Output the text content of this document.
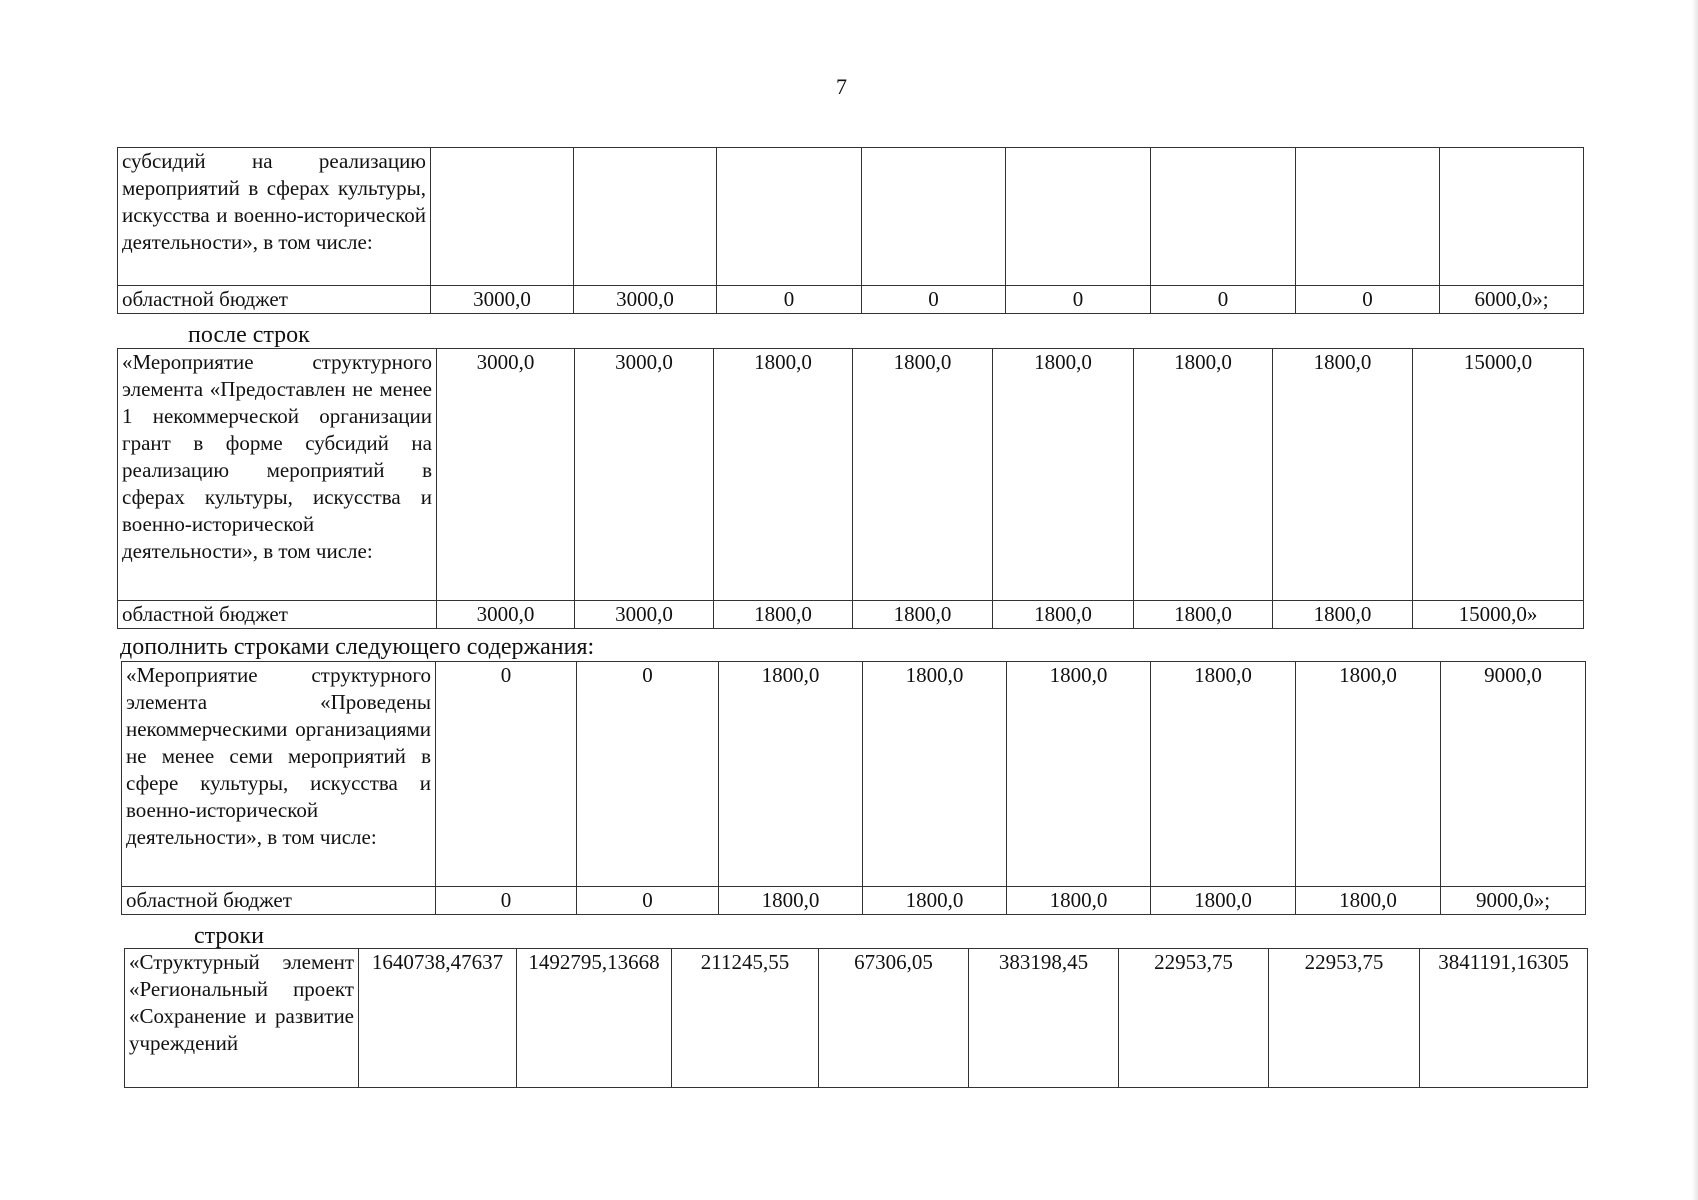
7
субсидий на реализацию мероприятий в сферах культуры, искусства и военно-исторической деятельности», в том числе:								
областной бюджет	3000,0	3000,0	0	0	0	0	0	6000,0»;
после строк
«Мероприятие структурного элемента «Предоставлен не менее 1 некоммерческой организации грант в форме субсидий на реализацию мероприятий в сферах культуры, искусства и военно-исторической деятельности», в том числе:	3000,0	3000,0	1800,0	1800,0	1800,0	1800,0	1800,0	15000,0
областной бюджет	3000,0	3000,0	1800,0	1800,0	1800,0	1800,0	1800,0	15000,0»
дополнить строками следующего содержания:
«Мероприятие структурного элемента «Проведены некоммерческими организациями не менее семи мероприятий в сфере культуры, искусства и военно-исторической деятельности», в том числе:	0	0	1800,0	1800,0	1800,0	1800,0	1800,0	9000,0
областной бюджет	0	0	1800,0	1800,0	1800,0	1800,0	1800,0	9000,0»;
строки
«Структурный элемент «Региональный проект «Сохранение и развитие учреждений	1640738,47637	1492795,13668	211245,55	67306,05	383198,45	22953,75	22953,75	3841191,16305
